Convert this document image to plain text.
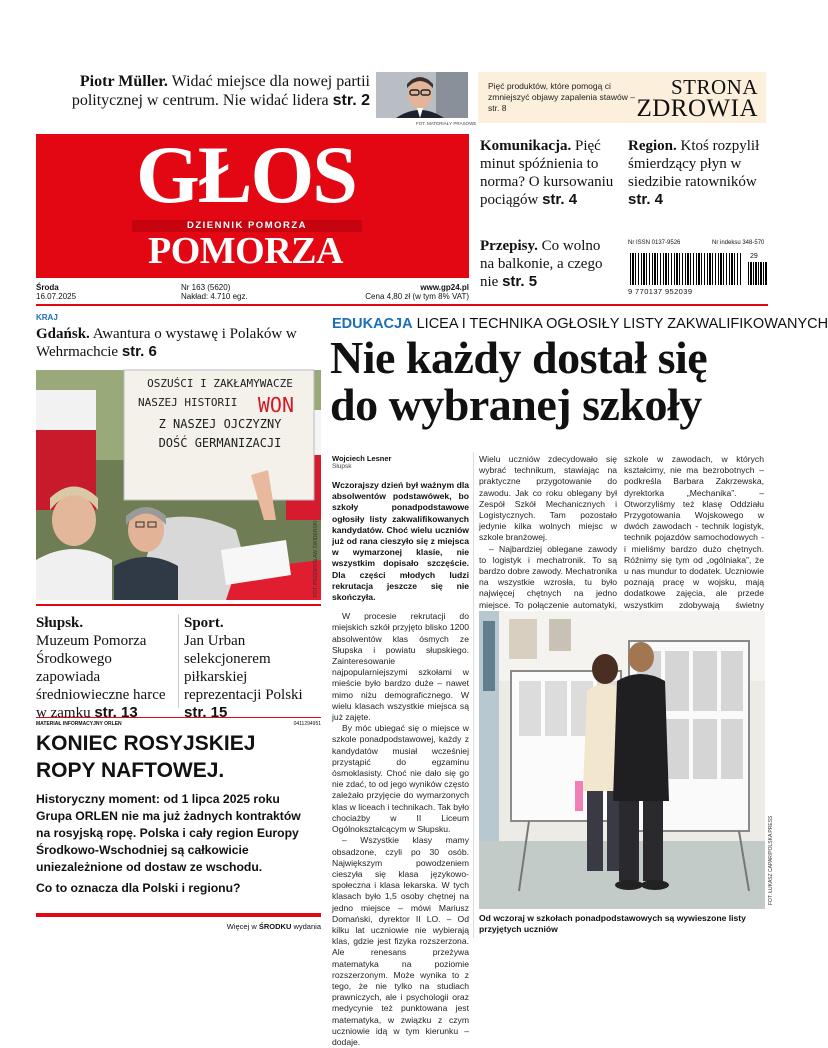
Piotr Müller. Widać miejsce dla nowej partii politycznej w centrum. Nie widać lidera str. 2
FOT. MATERIAŁY PRASOWE
Pięć produktów, które pomogą ci zmniejszyć objawy zapalenia stawów – str. 8
STRONA
ZDROWIA
GŁOS
DZIENNIK POMORZA
POMORZA
Środa
16.07.2025
Nr 163 (5620)
Nakład: 4.710 egz.
www.gp24.pl
Cena 4,80 zł (w tym 8% VAT)
Komunikacja. Pięć minut spóźnienia to norma? O kursowaniu pociągów str. 4
Region. Ktoś rozpylił śmierdzący płyn w siedzibie ratowników str. 4
Przepisy. Co wolno na balkonie, a czego nie str. 5
Nr ISSN 0137-9526	Nr indeksu 348-570
29
9 770137 952039
KRAJ
Gdańsk. Awantura o wystawę i Polaków w Wehrmachcie str. 6
OSZUŚCI I ZAKŁAMYWACZE
NASZEJ HISTORII	WON
Z NASZEJ OJCZYZNY
DOŚĆ GERMANIZACJI
FOT. PRZEMYSŁAW ŚWIDERSKI
Słupsk.
Muzeum Pomorza Środkowego zapowiada średniowieczne harce w zamku str. 13
Sport.
Jan Urban selekcjonerem piłkarskiej reprezentacji Polski str. 15
MATERIAŁ INFORMACYJNY ORLEN	0411294951
KONIEC ROSYJSKIEJ ROPY NAFTOWEJ.
Historyczny moment: od 1 lipca 2025 roku Grupa ORLEN nie ma już żadnych kontraktów na rosyjską ropę. Polska i cały region Europy Środkowo-Wschodniej są całkowicie uniezależnione od dostaw ze wschodu.
Co to oznacza dla Polski i regionu?
Więcej w ŚRODKU wydania
EDUKACJA LICEA I TECHNIKA OGŁOSIŁY LISTY ZAKWALIFIKOWANYCH
Nie każdy dostał się
do wybranej szkoły
Wojciech Lesner
Słupsk
Wczorajszy dzień był ważnym dla absolwentów podstawówek, bo szkoły ponadpodstawowe ogłosiły listy zakwalifikowanych kandydatów. Choć wielu uczniów już od rana cieszyło się z miejsca w wymarzonej klasie, nie wszystkim dopisało szczęście. Dla części młodych ludzi rekrutacja jeszcze się nie skończyła.
W procesie rekrutacji do miejskich szkół przyjęto blisko 1200 absolwentów klas ósmych ze Słupska i powiatu słupskiego. Zainteresowanie najpopularniejszymi szkołami w mieście było bardzo duże – nawet mimo niżu demograficznego. W wielu klasach wszystkie miejsca są już zajęte.
By móc ubiegać się o miejsce w szkole ponadpodstawowej, każdy z kandydatów musiał wcześniej przystąpić do egzaminu ósmoklasisty. Choć nie dało się go nie zdać, to od jego wyników często zależało przyjęcie do wymarzonych klas w liceach i technikach. Tak było chociażby w II Liceum Ogólnokształcącym w Słupsku.
– Wszystkie klasy mamy obsadzone, czyli po 30 osób. Największym powodzeniem cieszyła się klasa językowo-społeczna i klasa lekarska. W tych klasach było 1,5 osoby chętnej na jedno miejsce – mówi Mariusz Domański, dyrektor II LO. – Od kilku lat uczniowie nie wybierają klas, gdzie jest fizyka rozszerzona. Ale renesans przeżywa matematyka na poziomie rozszerzonym. Może wynika to z tego, że nie tylko na studiach prawniczych, ale i psychologii oraz medycynie też punktowana jest matematyka, w związku z czym uczniowie idą w tym kierunku – dodaje.
Wielu uczniów zdecydowało się wybrać technikum, stawiając na praktyczne przygotowanie do zawodu. Jak co roku oblegany był Zespół Szkół Mechanicznych i Logistycznych. Tam pozostało jedynie kilka wolnych miejsc w szkole branżowej.
– Najbardziej oblegane zawody to logistyk i mechatronik. To są bardzo dobre zawody. Mechatronika na wszystkie wzrosła, tu było najwięcej chętnych na jedno miejsce. To połączenie automatyki,
szkole w zawodach, w których kształcimy, nie ma bezrobotnych – podkreśla Barbara Zakrzewska, dyrektorka „Mechanika”. – Otworzyliśmy też klasę Oddziału Przygotowania Wojskowego w dwóch zawodach - technik logistyk, technik pojazdów samochodowych - i mieliśmy bardzo dużo chętnych. Róźnimy się tym od „ogólniaka”, że u nas mundur to dodatek. Uczniowie poznają pracę w wojsku, mają dodatkowe zajęcia, ale przede wszystkim zdobywają świetny
FOT. ŁUKASZ CAPAR/POLSKA PRESS
Od wczoraj w szkołach ponadpodstawowych są wywieszone listy przyjętych uczniów
